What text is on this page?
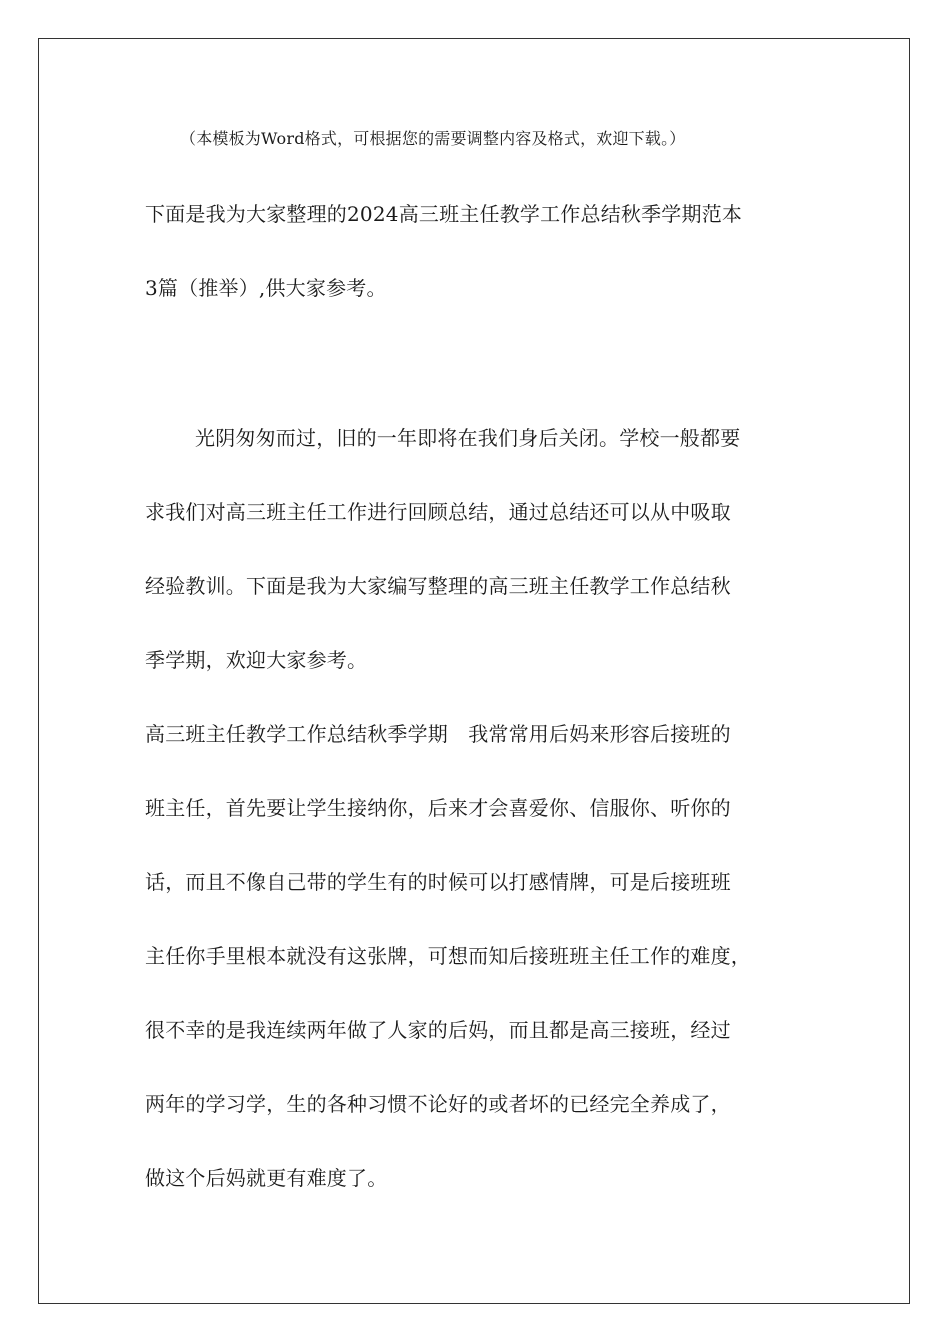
（本模板为Word格式，可根据您的需要调整内容及格式，欢迎下载。）
下面是我为大家整理的2024高三班主任教学工作总结秋季学期范本
3篇（推举）,供大家参考。
光阴匆匆而过，旧的一年即将在我们身后关闭。学校一般都要
求我们对高三班主任工作进行回顾总结，通过总结还可以从中吸取
经验教训。下面是我为大家编写整理的高三班主任教学工作总结秋
季学期，欢迎大家参考。
高三班主任教学工作总结秋季学期　我常常用后妈来形容后接班的
班主任，首先要让学生接纳你，后来才会喜爱你、信服你、听你的
话，而且不像自己带的学生有的时候可以打感情牌，可是后接班班
主任你手里根本就没有这张牌，可想而知后接班班主任工作的难度，
很不幸的是我连续两年做了人家的后妈，而且都是高三接班，经过
两年的学习学，生的各种习惯不论好的或者坏的已经完全养成了，
做这个后妈就更有难度了。
